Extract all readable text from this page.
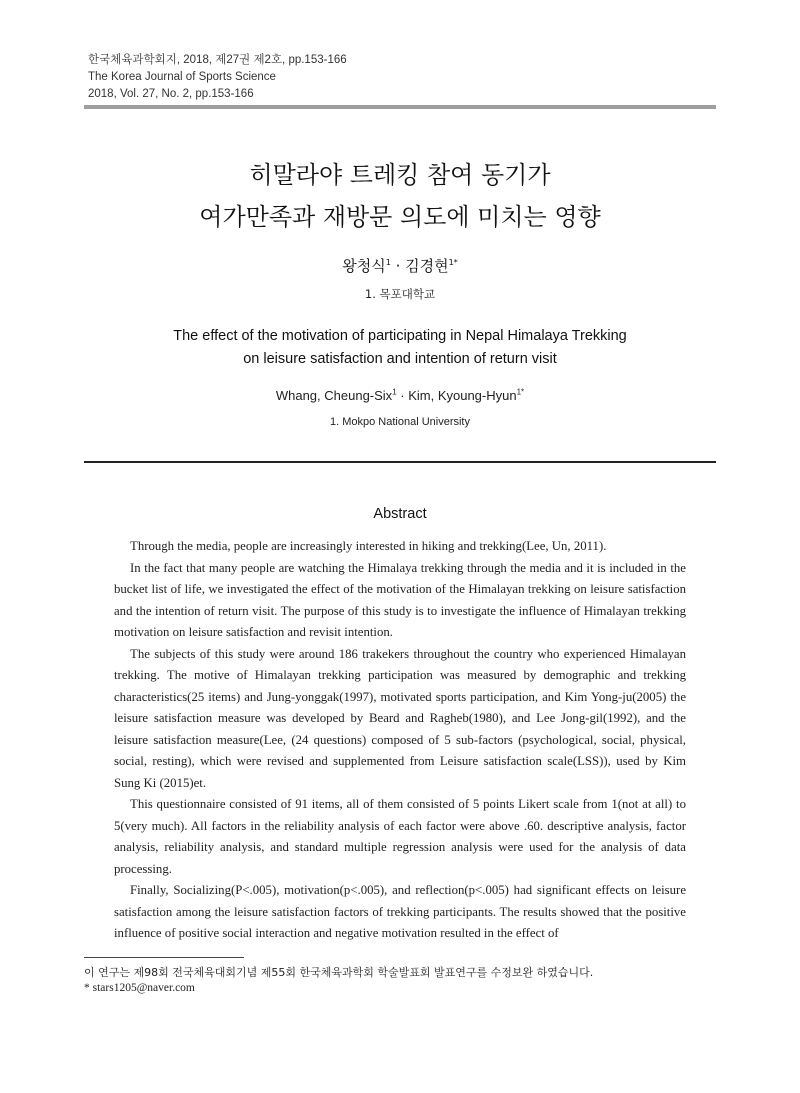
한국체육과학회지, 2018, 제27권 제2호, pp.153-166
The Korea Journal of Sports Science
2018, Vol. 27, No. 2, pp.153-166
히말라야 트레킹 참여 동기가
여가만족과 재방문 의도에 미치는 영향
왕청식$^1$ · 김경현$^{1*}$
1. 목포대학교
The effect of the motivation of participating in Nepal Himalaya Trekking
on leisure satisfaction and intention of return visit
Whang, Cheung-Six$^1$ · Kim, Kyoung-Hyun$^{1*}$
1. Mokpo National University
Abstract

Through the media, people are increasingly interested in hiking and trekking(Lee, Un, 2011).

In the fact that many people are watching the Himalaya trekking through the media and it is included in the bucket list of life, we investigated the effect of the motivation of the Himalayan trekking on leisure satisfaction and the intention of return visit. The purpose of this study is to investigate the influence of Himalayan trekking motivation on leisure satisfaction and revisit intention.

The subjects of this study were around 186 trakekers throughout the country who experienced Himalayan trekking. The motive of Himalayan trekking participation was measured by demographic and trekking characteristics(25 items) and Jung-yonggak(1997), motivated sports participation, and Kim Yong-ju(2005) the leisure satisfaction measure was developed by Beard and Ragheb(1980), and Lee Jong-gil(1992), and the leisure satisfaction measure(Lee, (24 questions) composed of 5 sub-factors (psychological, social, physical, social, resting), which were revised and supplemented from Leisure satisfaction scale(LSS)), used by Kim Sung Ki (2015)et.

This questionnaire consisted of 91 items, all of them consisted of 5 points Likert scale from 1(not at all) to 5(very much). All factors in the reliability analysis of each factor were above .60. descriptive analysis, factor analysis, reliability analysis, and standard multiple regression analysis were used for the analysis of data processing.

Finally, Socializing(P<.005), motivation(p<.005), and reflection(p<.005) had significant effects on leisure satisfaction among the leisure satisfaction factors of trekking participants. The results showed that the positive influence of positive social interaction and negative motivation resulted in the effect of

이 연구는 제98회 전국체육대회기념 제55회 한국체육과학회 학술발표회 발표연구를 수정보완 하였습니다.
* stars1205@naver.com
